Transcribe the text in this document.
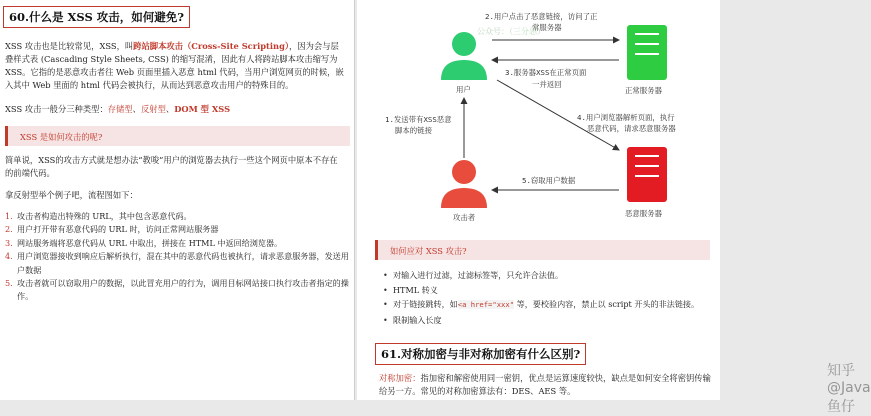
60.什么是 XSS 攻击，如何避免?
XSS 攻击也是比较常见，XSS，叫跨站脚本攻击（Cross-Site Scripting），因为会与层叠样式表 (Cascading Style Sheets, CSS) 的缩写混淆，因此有人将跨站脚本攻击缩写为 XSS。它指的是恶意攻击者往 Web 页面里插入恶意 html 代码，当用户浏览网页的时候，嵌入其中 Web 里面的 html 代码会被执行，从而达到恶意攻击用户的特殊目的。
XSS 攻击一般分三种类型：存储型、反射型、DOM 型 XSS
XSS 是如何攻击的呢?
简单说，XSS的攻击方式就是想办法“教唆”用户的浏览器去执行一些这个网页中原本不存在的前端代码。
拿反射型举个例子吧，流程图如下：
1. 攻击者构造出特殊的 URL，其中包含恶意代码。
2. 用户打开带有恶意代码的 URL 时，访问正常网站服务器
3. 网站服务端将恶意代码从 URL 中取出，拼接在 HTML 中返回给浏览器。
4. 用户浏览器接收到响应后解析执行，混在其中的恶意代码也被执行，请求恶意服务器，发送用户数据
5. 攻击者就可以窃取用户的数据，以此冒充用户的行为，调用目标网站接口执行攻击者指定的操作。
用户
攻击者
正常服务器
恶意服务器
2.用户点击了恶意链接，访问了正
常服务器
3.服务器XSS在正常页面
一并返回
1.发送带有XSS恶意
脚本的链接
4.用户浏览器解析页面，执行
恶意代码，请求恶意服务器
5.窃取用户数据
公众号：（三分恶）
如何应对 XSS 攻击?
• 对输入进行过滤，过滤标签等，只允许合法值。
• HTML 转义
• 对于链接跳转，如<a href="xxx" 等，要校验内容，禁止以 script 开头的非法链接。
• 限制输入长度
61.对称加密与非对称加密有什么区别?
对称加密：指加密和解密使用同一密钥，优点是运算速度较快，缺点是如何安全将密钥传输给另一方。常见的对称加密算法有：DES、AES 等。
知乎 @Java鱼仔
